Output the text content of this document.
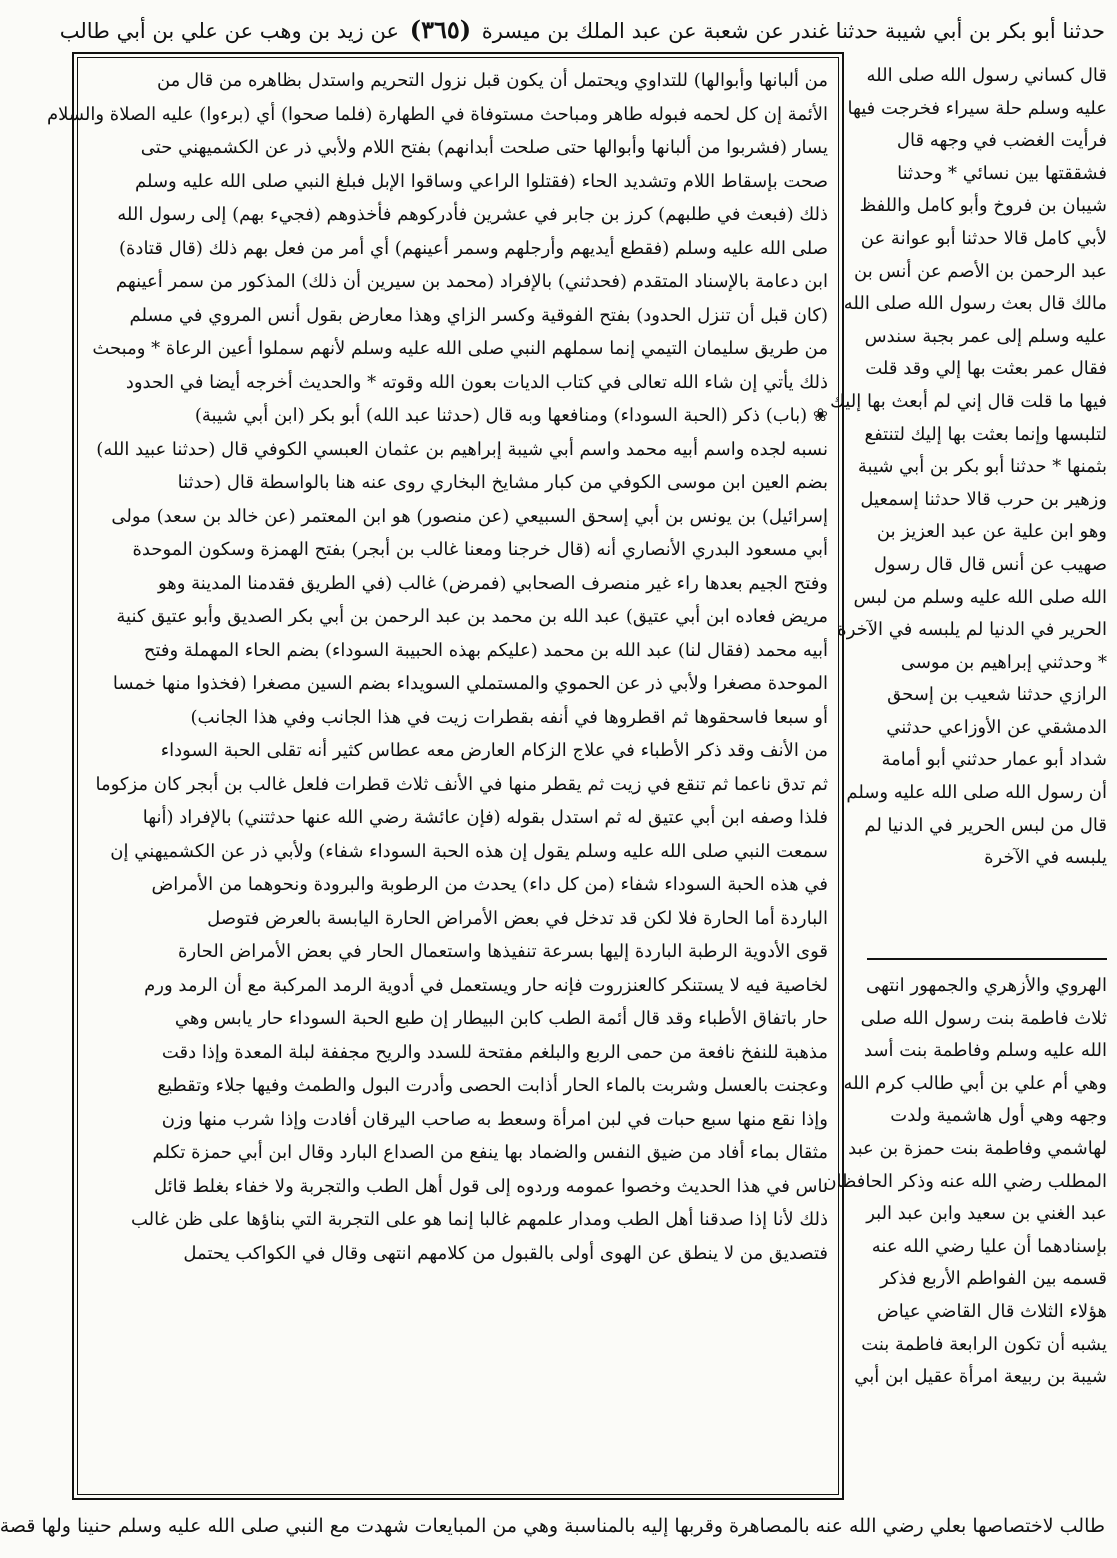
حدثنا أبو بكر بن أبي شيبة حدثنا غندر عن شعبة عن عبد الملك بن ميسرة (٣٦٥) عن زيد بن وهب عن علي بن أبي طالب
قال كساني رسول الله صلى الله
عليه وسلم حلة سيراء فخرجت فيها
فرأيت الغضب في وجهه قال
فشققتها بين نسائي * وحدثنا
شيبان بن فروخ وأبو كامل واللفظ
لأبي كامل قالا حدثنا أبو عوانة عن
عبد الرحمن بن الأصم عن أنس بن
مالك قال بعث رسول الله صلى الله
عليه وسلم إلى عمر بجبة سندس
فقال عمر بعثت بها إلي وقد قلت
فيها ما قلت قال إني لم أبعث بها إليك
لتلبسها وإنما بعثت بها إليك لتنتفع
بثمنها * حدثنا أبو بكر بن أبي شيبة
وزهير بن حرب قالا حدثنا إسمعيل
وهو ابن علية عن عبد العزيز بن
صهيب عن أنس قال قال رسول
الله صلى الله عليه وسلم من لبس
الحرير في الدنيا لم يلبسه في الآخرة
* وحدثني إبراهيم بن موسى
الرازي حدثنا شعيب بن إسحق
الدمشقي عن الأوزاعي حدثني
شداد أبو عمار حدثني أبو أمامة
أن رسول الله صلى الله عليه وسلم
قال من لبس الحرير في الدنيا لم
يلبسه في الآخرة
الهروي والأزهري والجمهور انتهى
ثلاث فاطمة بنت رسول الله صلى
الله عليه وسلم وفاطمة بنت أسد
وهي أم علي بن أبي طالب كرم الله
وجهه وهي أول هاشمية ولدت
لهاشمي وفاطمة بنت حمزة بن عبد
المطلب رضي الله عنه وذكر الحافظان
عبد الغني بن سعيد وابن عبد البر
بإسنادهما أن عليا رضي الله عنه
قسمه بين الفواطم الأربع فذكر
هؤلاء الثلاث قال القاضي عياض
يشبه أن تكون الرابعة فاطمة بنت
شيبة بن ربيعة امرأة عقيل ابن أبي
من ألبانها وأبوالها) للتداوي ويحتمل أن يكون قبل نزول التحريم واستدل بظاهره من قال من
الأئمة إن كل لحمه فبوله طاهر ومباحث مستوفاة في الطهارة (فلما صحوا) أي (برءوا) عليه الصلاة والسلام
يسار (فشربوا من ألبانها وأبوالها حتى صلحت أبدانهم) بفتح اللام ولأبي ذر عن الكشميهني حتى
صحت بإسقاط اللام وتشديد الحاء (فقتلوا الراعي وساقوا الإبل فبلغ النبي صلى الله عليه وسلم
ذلك (فبعث في طلبهم) كرز بن جابر في عشرين فأدركوهم فأخذوهم (فجيء بهم) إلى رسول الله
صلى الله عليه وسلم (فقطع أيديهم وأرجلهم وسمر أعينهم) أي أمر من فعل بهم ذلك (قال قتادة)
ابن دعامة بالإسناد المتقدم (فحدثني) بالإفراد (محمد بن سيرين أن ذلك) المذكور من سمر أعينهم
(كان قبل أن تنزل الحدود) بفتح الفوقية وكسر الزاي وهذا معارض بقول أنس المروي في مسلم
من طريق سليمان التيمي إنما سملهم النبي صلى الله عليه وسلم لأنهم سملوا أعين الرعاة * ومبحث
ذلك يأتي إن شاء الله تعالى في كتاب الديات بعون الله وقوته * والحديث أخرجه أيضا في الحدود
❀ (باب) ذكر (الحبة السوداء) ومنافعها وبه قال (حدثنا عبد الله) أبو بكر (ابن أبي شيبة)
نسبه لجده واسم أبيه محمد واسم أبي شيبة إبراهيم بن عثمان العبسي الكوفي قال (حدثنا عبيد الله)
بضم العين ابن موسى الكوفي من كبار مشايخ البخاري روى عنه هنا بالواسطة قال (حدثنا
إسرائيل) بن يونس بن أبي إسحق السبيعي (عن منصور) هو ابن المعتمر (عن خالد بن سعد) مولى
أبي مسعود البدري الأنصاري أنه (قال خرجنا ومعنا غالب بن أبجر) بفتح الهمزة وسكون الموحدة
وفتح الجيم بعدها راء غير منصرف الصحابي (فمرض) غالب (في الطريق فقدمنا المدينة وهو
مريض فعاده ابن أبي عتيق) عبد الله بن محمد بن عبد الرحمن بن أبي بكر الصديق وأبو عتيق كنية
أبيه محمد (فقال لنا) عبد الله بن محمد (عليكم بهذه الحبيبة السوداء) بضم الحاء المهملة وفتح
الموحدة مصغرا ولأبي ذر عن الحموي والمستملي السويداء بضم السين مصغرا (فخذوا منها خمسا
أو سبعا فاسحقوها ثم اقطروها في أنفه بقطرات زيت في هذا الجانب وفي هذا الجانب)
من الأنف وقد ذكر الأطباء في علاج الزكام العارض معه عطاس كثير أنه تقلى الحبة السوداء
ثم تدق ناعما ثم تنقع في زيت ثم يقطر منها في الأنف ثلاث قطرات فلعل غالب بن أبجر كان مزكوما
فلذا وصفه ابن أبي عتيق له ثم استدل بقوله (فإن عائشة رضي الله عنها حدثتني) بالإفراد (أنها
سمعت النبي صلى الله عليه وسلم يقول إن هذه الحبة السوداء شفاء) ولأبي ذر عن الكشميهني إن
في هذه الحبة السوداء شفاء (من كل داء) يحدث من الرطوبة والبرودة ونحوهما من الأمراض
الباردة أما الحارة فلا لكن قد تدخل في بعض الأمراض الحارة اليابسة بالعرض فتوصل
قوى الأدوية الرطبة الباردة إليها بسرعة تنفيذها واستعمال الحار في بعض الأمراض الحارة
لخاصية فيه لا يستنكر كالعنزروت فإنه حار ويستعمل في أدوية الرمد المركبة مع أن الرمد ورم
حار باتفاق الأطباء وقد قال أئمة الطب كابن البيطار إن طبع الحبة السوداء حار يابس وهي
مذهبة للنفخ نافعة من حمى الربع والبلغم مفتحة للسدد والريح مجففة لبلة المعدة وإذا دقت
وعجنت بالعسل وشربت بالماء الحار أذابت الحصى وأدرت البول والطمث وفيها جلاء وتقطيع
وإذا نقع منها سبع حبات في لبن امرأة وسعط به صاحب اليرقان أفادت وإذا شرب منها وزن
مثقال بماء أفاد من ضيق النفس والضماد بها ينفع من الصداع البارد وقال ابن أبي حمزة تكلم
ناس في هذا الحديث وخصوا عمومه وردوه إلى قول أهل الطب والتجربة ولا خفاء بغلط قائل
ذلك لأنا إذا صدقنا أهل الطب ومدار علمهم غالبا إنما هو على التجربة التي بناؤها على ظن غالب
فتصديق من لا ينطق عن الهوى أولى بالقبول من كلامهم انتهى وقال في الكواكب يحتمل
طالب لاختصاصها بعلي رضي الله عنه بالمصاهرة وقربها إليه بالمناسبة وهي من المبايعات شهدت مع النبي صلى الله عليه وسلم حنينا ولها قصة
